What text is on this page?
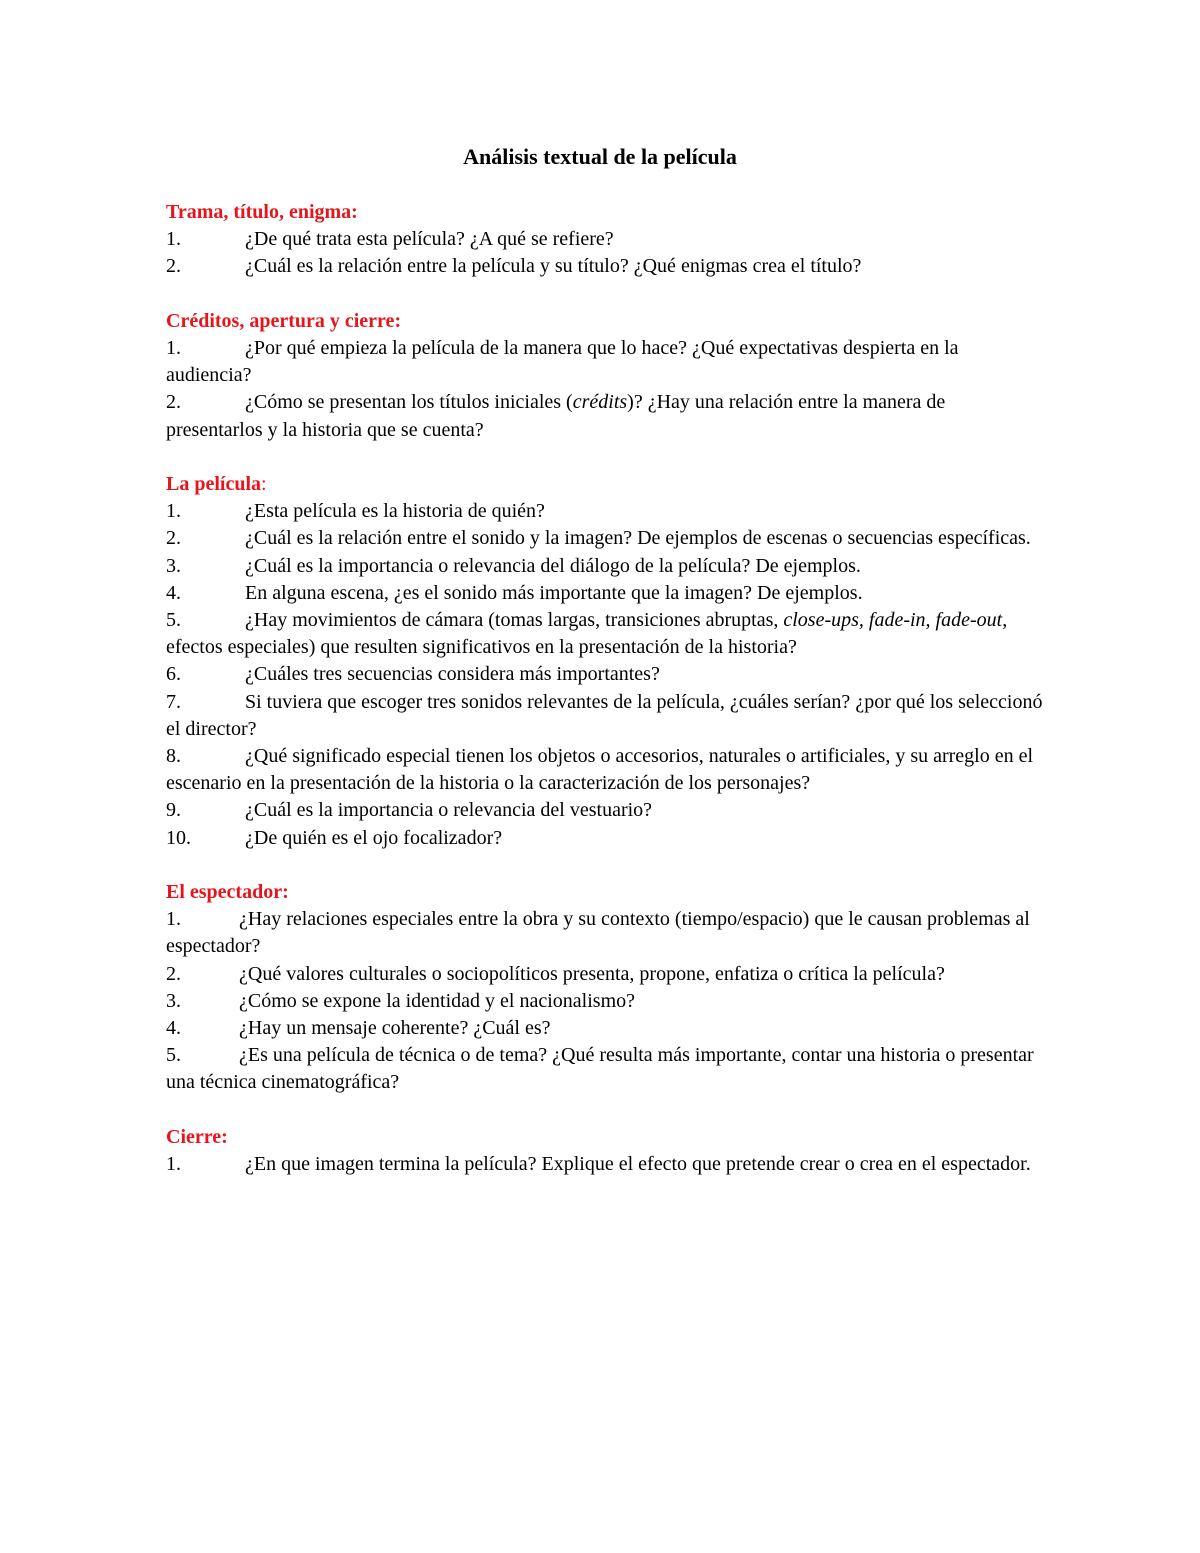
Análisis textual de la película

Trama, título, enigma:

1.	¿De qué trata esta película? ¿A qué se refiere?

2.	¿Cuál es la relación entre la película y su título? ¿Qué enigmas crea el título?

Créditos, apertura y cierre:

1.	¿Por qué empieza la película de la manera que lo hace? ¿Qué expectativas despierta en la audiencia?

2.	¿Cómo se presentan los títulos iniciales (crédits)? ¿Hay una relación entre la manera de presentarlos y la historia que se cuenta?

La película:

1.	¿Esta película es la historia de quién?

2.	¿Cuál es la relación entre el sonido y la imagen? De ejemplos de escenas o secuencias específicas.

3.	¿Cuál es la importancia o relevancia del diálogo de la película? De ejemplos.

4.	En alguna escena, ¿es el sonido más importante que la imagen? De ejemplos.

5.	¿Hay movimientos de cámara (tomas largas, transiciones abruptas, close-ups, fade-in, fade-out, efectos especiales) que resulten significativos en la presentación de la historia?

6.	¿Cuáles tres secuencias considera más importantes?

7.	Si tuviera que escoger tres sonidos relevantes de la película, ¿cuáles serían? ¿por qué los seleccionó el director?

8.	¿Qué significado especial tienen los objetos o accesorios, naturales o artificiales, y su arreglo en el escenario en la presentación de la historia o la caracterización de los personajes?

9.	¿Cuál es la importancia o relevancia del vestuario?

10.	¿De quién es el ojo focalizador?

El espectador:

1.	¿Hay relaciones especiales entre la obra y su contexto (tiempo/espacio) que le causan problemas al espectador?

2.	¿Qué valores culturales o sociopolíticos presenta, propone, enfatiza o crítica la película?

3.	¿Cómo se expone la identidad y el nacionalismo?

4.	¿Hay un mensaje coherente? ¿Cuál es?

5.	¿Es una película de técnica o de tema? ¿Qué resulta más importante, contar una historia o presentar una técnica cinematográfica?

Cierre:

1.	¿En que imagen termina la película? Explique el efecto que pretende crear o crea en el espectador.
